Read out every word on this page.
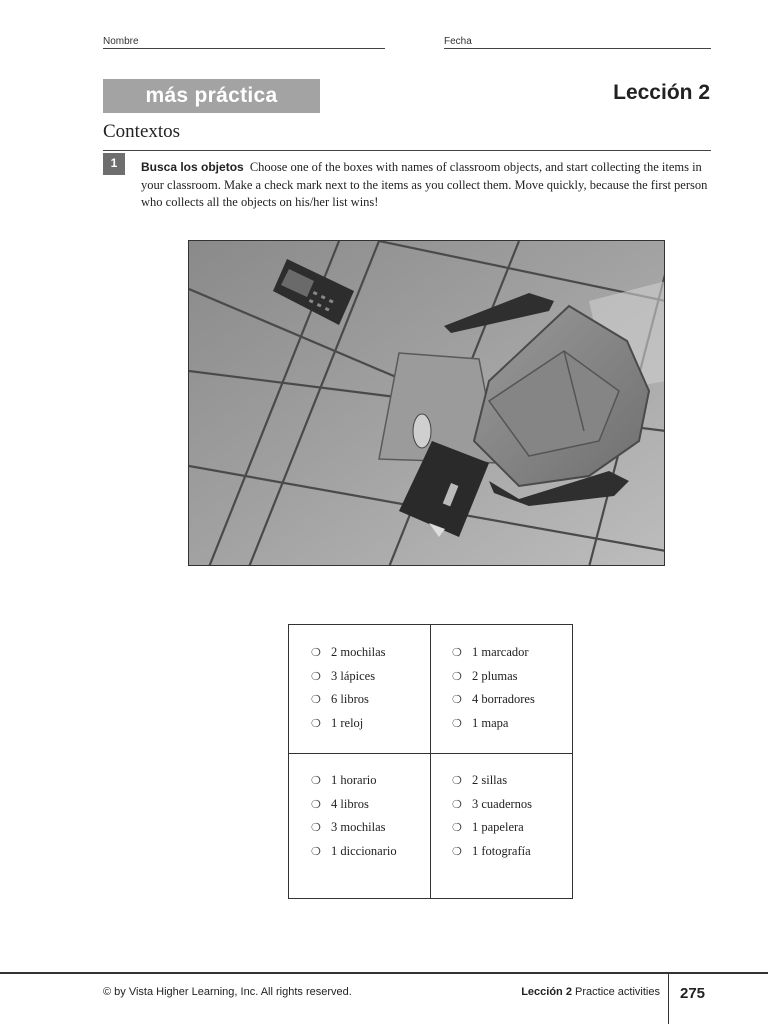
Nombre	Fecha
más práctica	Lección 2
Contextos
1	Busca los objetos Choose one of the boxes with names of classroom objects, and start collecting the items in your classroom. Make a check mark next to the items as you collect them. Move quickly, because the first person who collects all the objects on his/her list wins!
❍ 2 mochilas
❍ 3 lápices
❍ 6 libros
❍ 1 reloj
❍ 1 marcador
❍ 2 plumas
❍ 4 borradores
❍ 1 mapa
❍ 1 horario
❍ 4 libros
❍ 3 mochilas
❍ 1 diccionario
❍ 2 sillas
❍ 3 cuadernos
❍ 1 papelera
❍ 1 fotografía
© by Vista Higher Learning, Inc. All rights reserved.	Lección 2 Practice activities 275
